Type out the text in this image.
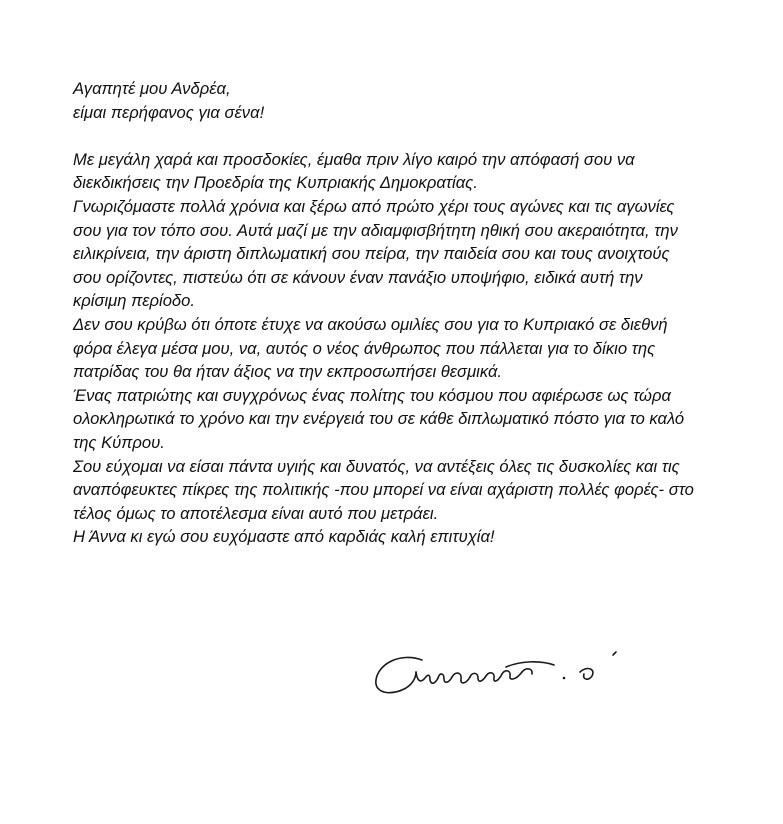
Αγαπητέ μου Ανδρέα,
είμαι περήφανος για σένα!
Με μεγάλη χαρά και προσδοκίες, έμαθα πριν λίγο καιρό την απόφασή σου να
διεκδικήσεις την Προεδρία της Κυπριακής Δημοκρατίας.
Γνωριζόμαστε πολλά χρόνια και ξέρω από πρώτο χέρι τους αγώνες και τις αγωνίες
σου για τον τόπο σου. Αυτά μαζί με την αδιαμφισβήτητη ηθική σου ακεραιότητα, την
ειλικρίνεια, την άριστη διπλωματική σου πείρα, την παιδεία σου και τους ανοιχτούς
σου ορίζοντες, πιστεύω ότι σε κάνουν έναν πανάξιο υποψήφιο, ειδικά αυτή την
κρίσιμη περίοδο.
Δεν σου κρύβω ότι όποτε έτυχε να ακούσω ομιλίες σου για το Κυπριακό σε διεθνή
φόρα έλεγα μέσα μου, να, αυτός ο νέος άνθρωπος που πάλλεται για το δίκιο της
πατρίδας του θα ήταν άξιος να την εκπροσωπήσει θεσμικά.
Ένας πατριώτης και συγχρόνως ένας πολίτης του κόσμου που αφιέρωσε ως τώρα
ολοκληρωτικά το χρόνο και την ενέργειά του σε κάθε διπλωματικό πόστο για το καλό
της Κύπρου.
Σου εύχομαι να είσαι πάντα υγιής και δυνατός, να αντέξεις όλες τις δυσκολίες και τις
αναπόφευκτες πίκρες της πολιτικής -που μπορεί να είναι αχάριστη πολλές φορές- στο
τέλος όμως το αποτέλεσμα είναι αυτό που μετράει.
Η Άννα κι εγώ σου ευχόμαστε από καρδιάς καλή επιτυχία!
